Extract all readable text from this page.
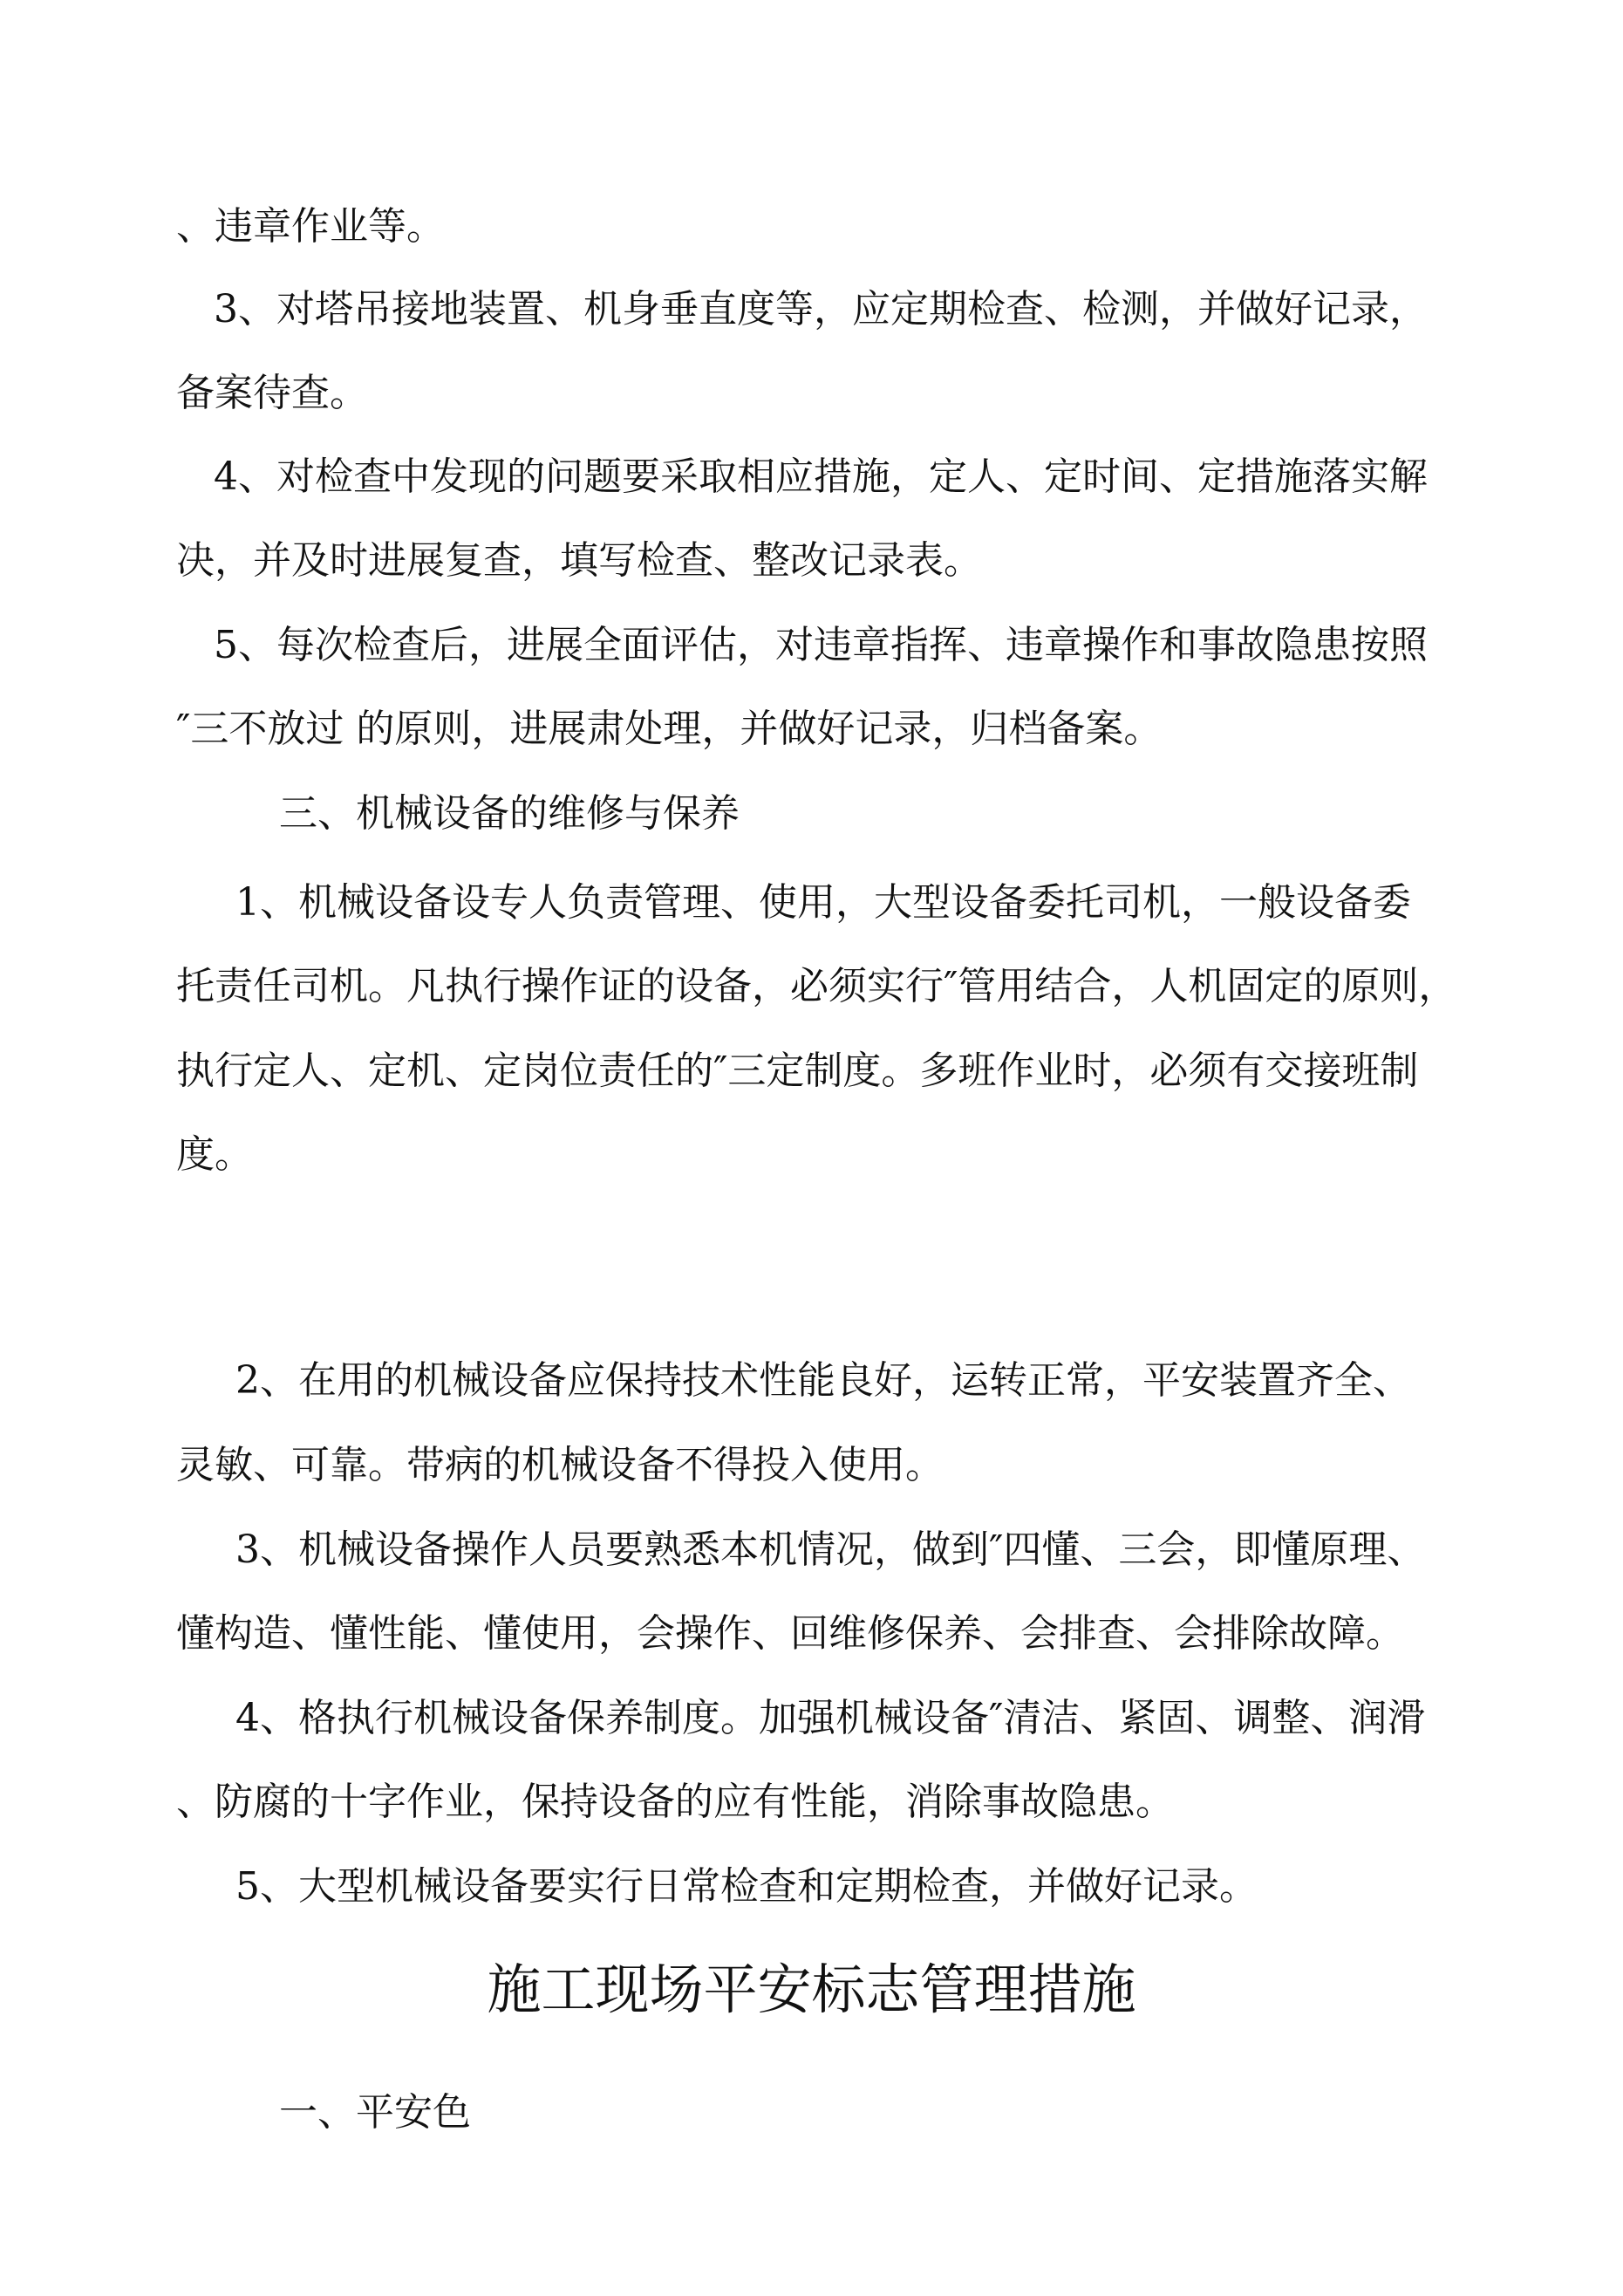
、违章作业等。
3、对塔吊接地装置、机身垂直度等，应定期检查、检测，并做好记录，
备案待查。
4、对检查中发现的问题要采取相应措施，定人、定时间、定措施落实解
决，并及时进展复查，填写检查、整改记录表。
5、每次检查后，进展全面评估，对违章指挥、违章操作和事故隐患按照
″三不放过 的原则，进展肃处理，并做好记录，归档备案。
三、机械设备的维修与保养
1、机械设备设专人负责管理、使用，大型设备委托司机，一般设备委
托责任司机。凡执行操作证的设备，必须实行″管用结合，人机固定的原则，
执行定人、定机、定岗位责任的″三定制度。多班作业时，必须有交接班制
度。
2、在用的机械设备应保持技术性能良好，运转正常，平安装置齐全、
灵敏、可靠。带病的机械设备不得投入使用。
3、机械设备操作人员要熟悉本机情况，做到″四懂、三会，即懂原理、
懂构造、懂性能、懂使用，会操作、回维修保养、会排查、会排除故障。
4、格执行机械设备保养制度。加强机械设备″清洁、紧固、调整、润滑
、防腐的十字作业，保持设备的应有性能，消除事故隐患。
5、大型机械设备要实行日常检查和定期检查，并做好记录。
施工现场平安标志管理措施
一、平安色
